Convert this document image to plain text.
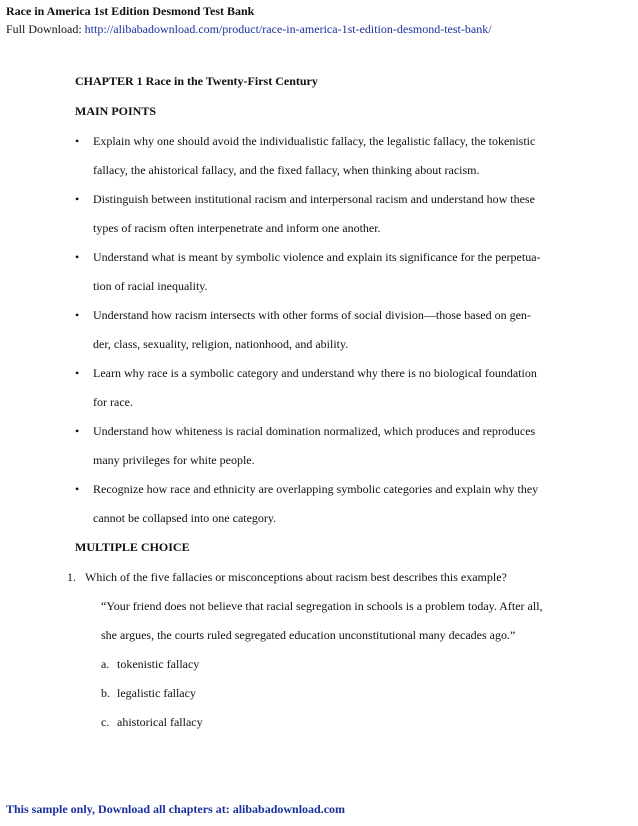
Race in America 1st Edition Desmond Test Bank
Full Download: http://alibabadownload.com/product/race-in-america-1st-edition-desmond-test-bank/
CHAPTER 1 Race in the Twenty-First Century
MAIN POINTS
• Explain why one should avoid the individualistic fallacy, the legalistic fallacy, the tokenistic
fallacy, the ahistorical fallacy, and the fixed fallacy, when thinking about racism.
• Distinguish between institutional racism and interpersonal racism and understand how these
types of racism often interpenetrate and inform one another.
• Understand what is meant by symbolic violence and explain its significance for the perpetua-
tion of racial inequality.
• Understand how racism intersects with other forms of social division—those based on gen-
der, class, sexuality, religion, nationhood, and ability.
• Learn why race is a symbolic category and understand why there is no biological foundation
for race.
• Understand how whiteness is racial domination normalized, which produces and reproduces
many privileges for white people.
• Recognize how race and ethnicity are overlapping symbolic categories and explain why they
cannot be collapsed into one category.
MULTIPLE CHOICE
1. Which of the five fallacies or misconceptions about racism best describes this example?
“Your friend does not believe that racial segregation in schools is a problem today. After all,
she argues, the courts ruled segregated education unconstitutional many decades ago.”
a. tokenistic fallacy
b. legalistic fallacy
c. ahistorical fallacy
This sample only, Download all chapters at: alibabadownload.com
